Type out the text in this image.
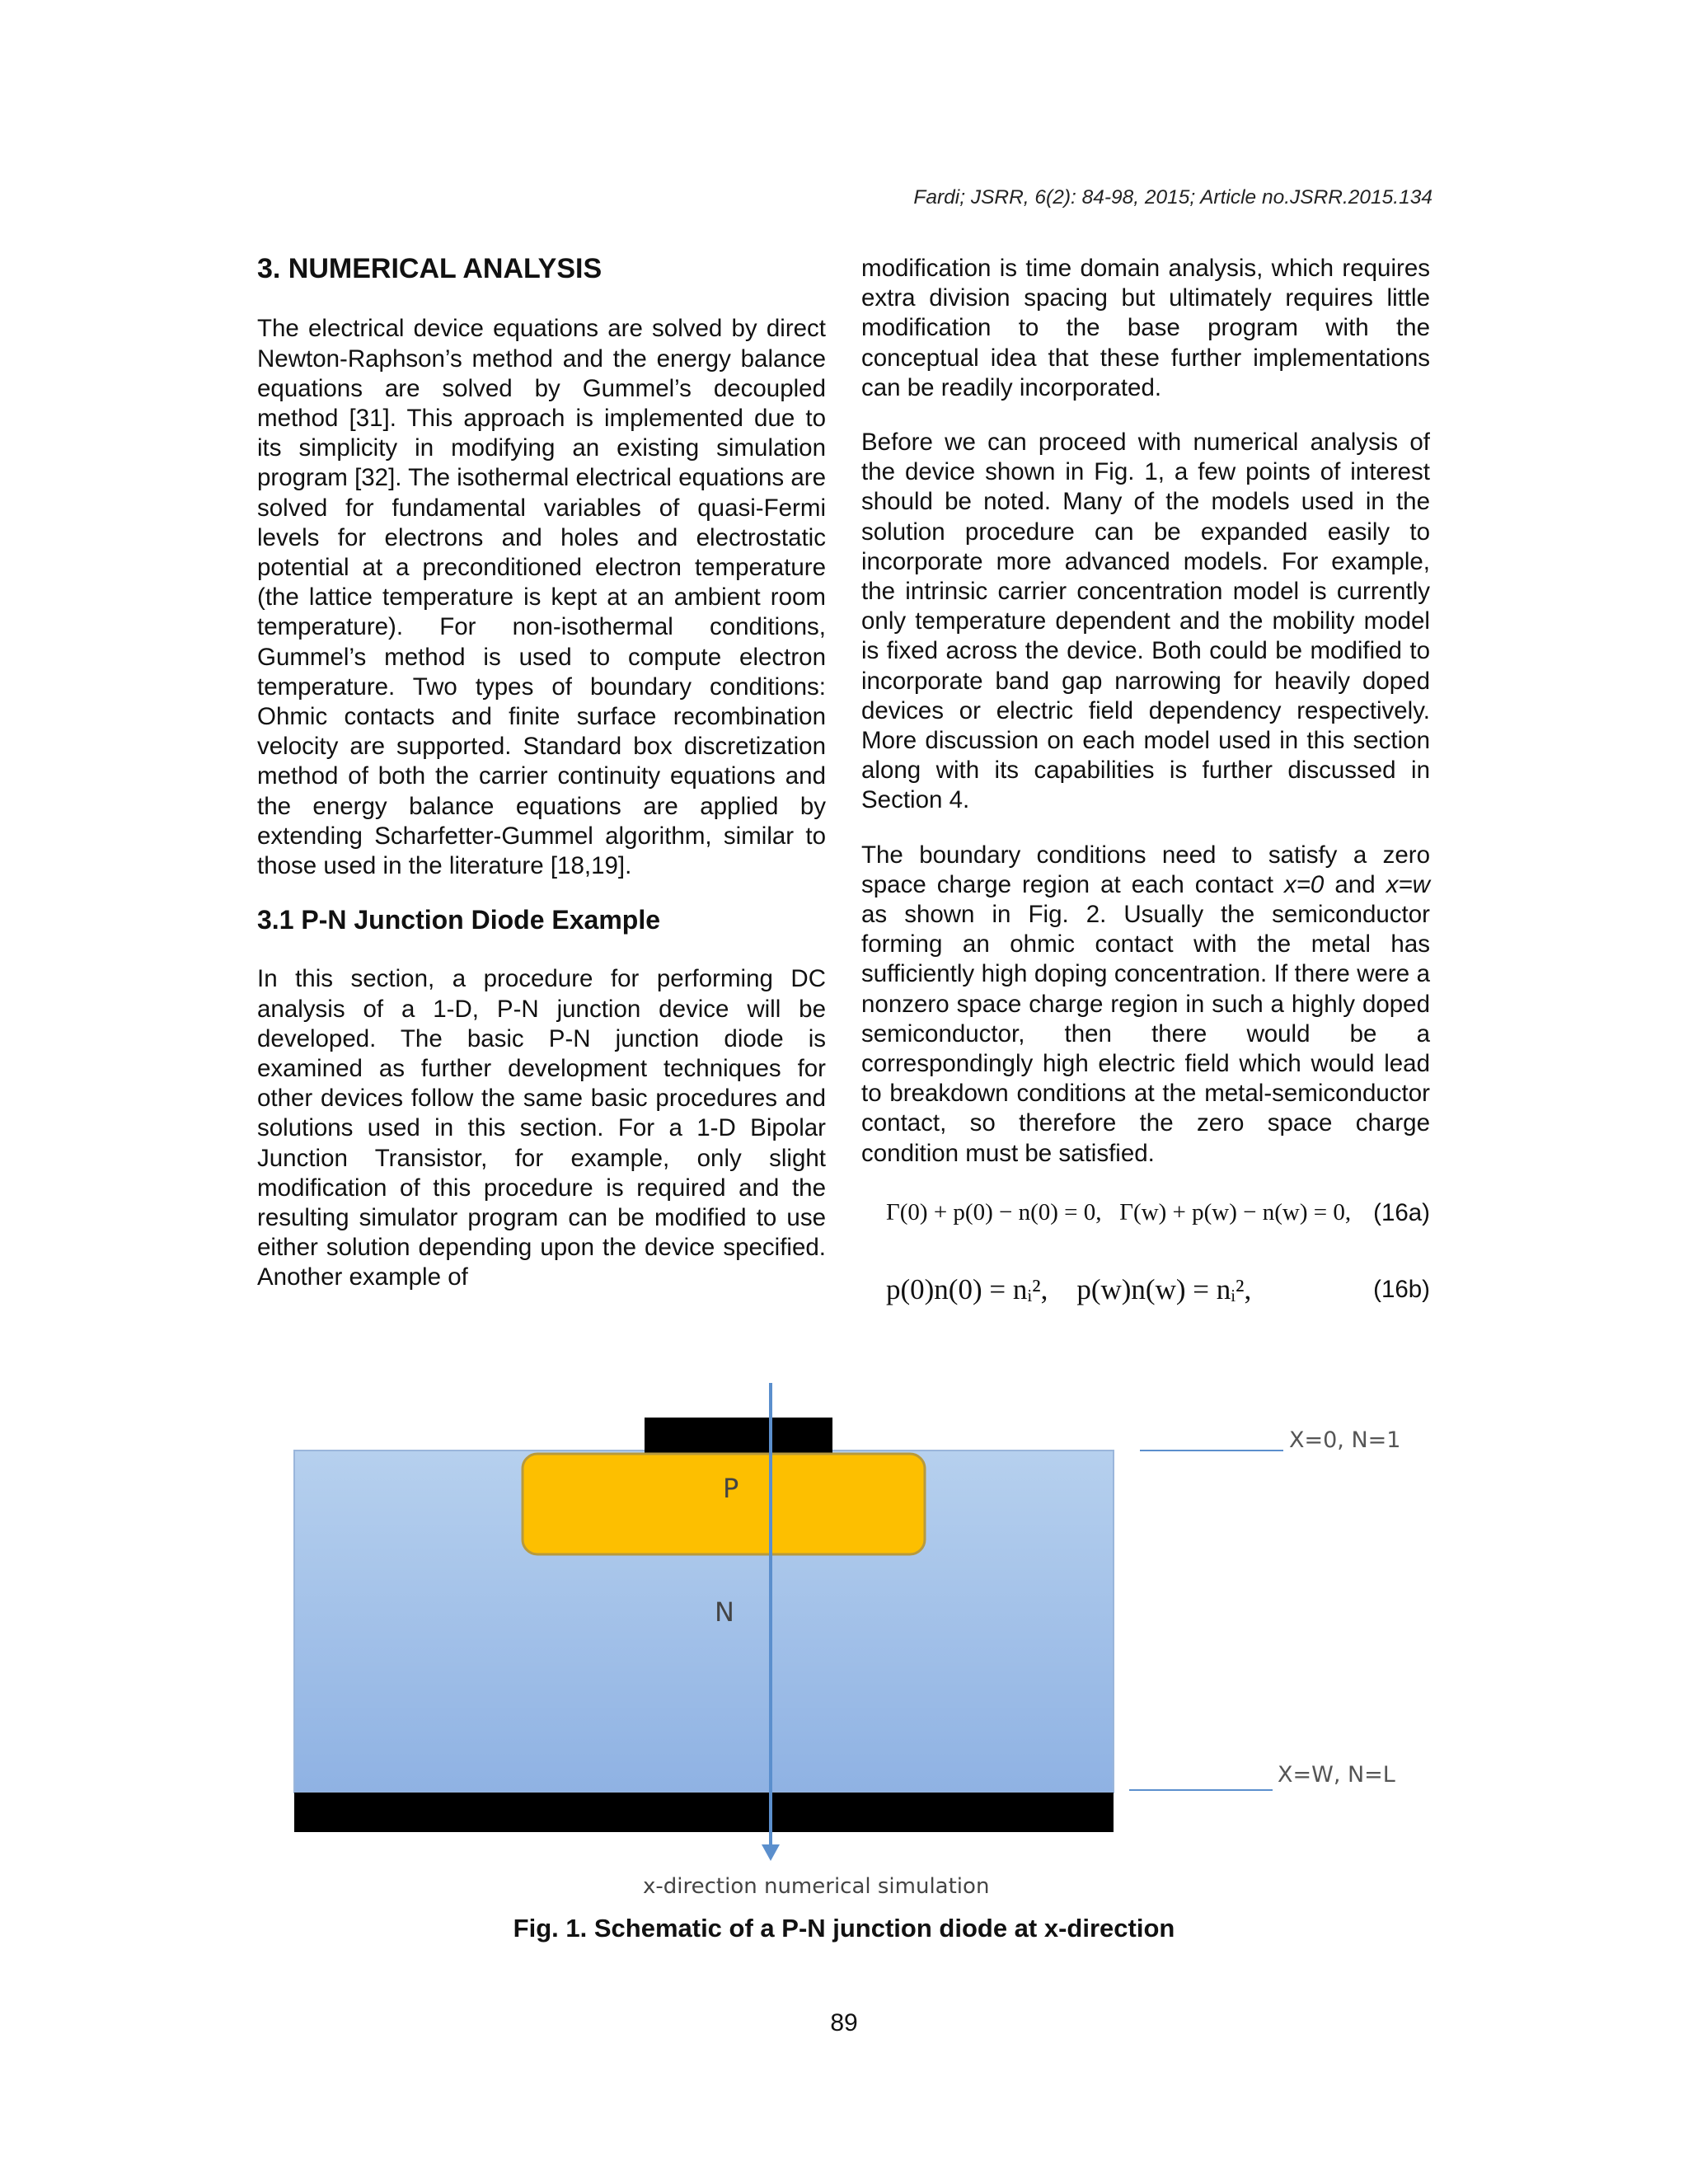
Fardi; JSRR, 6(2): 84-98, 2015; Article no.JSRR.2015.134
3. NUMERICAL ANALYSIS

The electrical device equations are solved by direct Newton-Raphson’s method and the energy balance equations are solved by Gummel’s decoupled method [31]. This approach is implemented due to its simplicity in modifying an existing simulation program [32]. The isothermal electrical equations are solved for fundamental variables of quasi-Fermi levels for electrons and holes and electrostatic potential at a preconditioned electron temperature (the lattice temperature is kept at an ambient room temperature). For non-isothermal conditions, Gummel’s method is used to compute electron temperature. Two types of boundary conditions: Ohmic contacts and finite surface recombination velocity are supported. Standard box discretization method of both the carrier continuity equations and the energy balance equations are applied by extending Scharfetter-Gummel algorithm, similar to those used in the literature [18,19].

3.1 P-N Junction Diode Example

In this section, a procedure for performing DC analysis of a 1-D, P-N junction device will be developed. The basic P-N junction diode is examined as further development techniques for other devices follow the same basic procedures and solutions used in this section. For a 1-D Bipolar Junction Transistor, for example, only slight modification of this procedure is required and the resulting simulator program can be modified to use either solution depending upon the device specified. Another example of

modification is time domain analysis, which requires extra division spacing but ultimately requires little modification to the base program with the conceptual idea that these further implementations can be readily incorporated.

Before we can proceed with numerical analysis of the device shown in Fig. 1, a few points of interest should be noted. Many of the models used in the solution procedure can be expanded easily to incorporate more advanced models. For example, the intrinsic carrier concentration model is currently only temperature dependent and the mobility model is fixed across the device. Both could be modified to incorporate band gap narrowing for heavily doped devices or electric field dependency respectively. More discussion on each model used in this section along with its capabilities is further discussed in Section 4.

The boundary conditions need to satisfy a zero space charge region at each contact x=0 and x=w as shown in Fig. 2. Usually the semiconductor forming an ohmic contact with the metal has sufficiently high doping concentration. If there were a nonzero space charge region in such a highly doped semiconductor, then there would be a correspondingly high electric field which would lead to breakdown conditions at the metal-semiconductor contact, so therefore the zero space charge condition must be satisfied.

Γ(0) + p(0) − n(0) = 0,   Γ(w) + p(w) − n(w) = 0, (16a)
p(0)n(0) = nᵢ²,    p(w)n(w) = nᵢ²,	(16b)
P
N
X=0, N=1
X=W, N=L
x-direction numerical simulation
Fig. 1. Schematic of a P-N junction diode at x-direction
89
